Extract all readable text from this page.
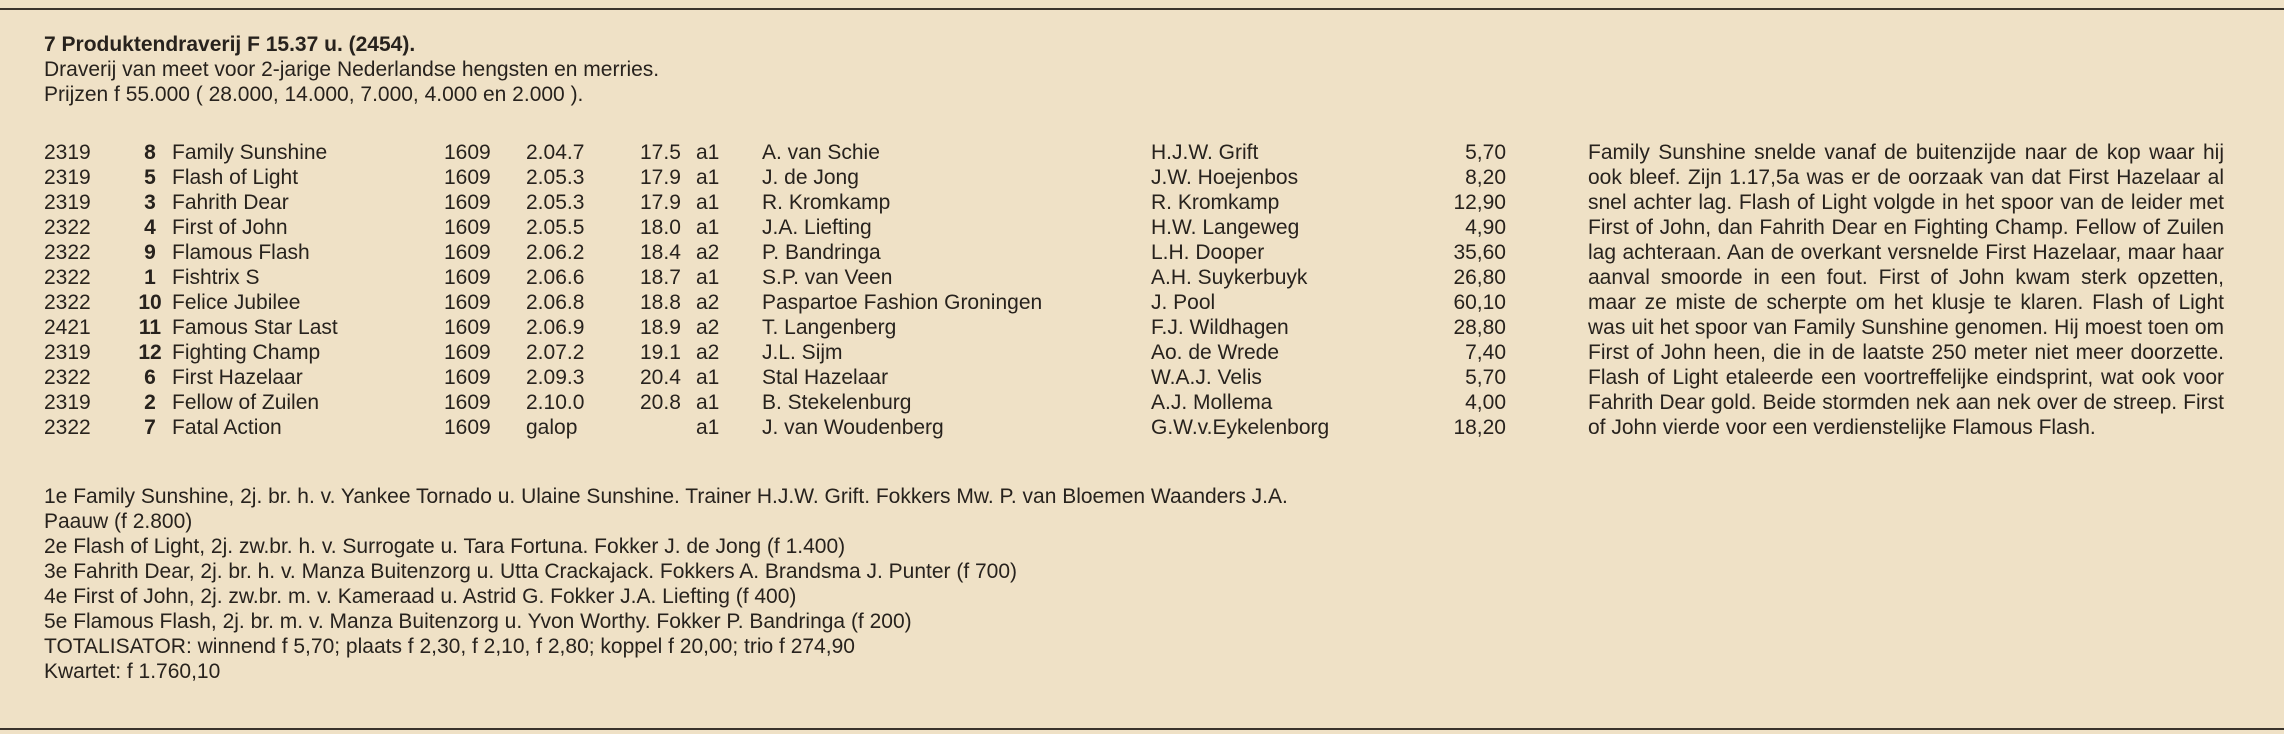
7 Produktendraverij F 15.37 u. (2454).
Draverij van meet voor 2-jarige Nederlandse hengsten en merries.
Prijzen f 55.000 ( 28.000, 14.000, 7.000, 4.000 en 2.000 ).
2319	8 Family Sunshine	1609 2.04.7	17.5 a1 A. van Schie	H.J.W. Grift	5,70
2319	5 Flash of Light	1609 2.05.3	17.9 a1 J. de Jong	J.W. Hoejenbos	8,20
2319	3 Fahrith Dear	1609 2.05.3	17.9 a1 R. Kromkamp	R. Kromkamp	12,90
2322	4 First of John	1609 2.05.5	18.0 a1 J.A. Liefting	H.W. Langeweg	4,90
2322	9 Flamous Flash	1609 2.06.2	18.4 a2 P. Bandringa	L.H. Dooper	35,60
2322	1 Fishtrix S	1609 2.06.6	18.7 a1 S.P. van Veen	A.H. Suykerbuyk	26,80
2322	10 Felice Jubilee	1609 2.06.8	18.8 a2 Paspartoe Fashion Groningen	J. Pool	60,10
2421	11 Famous Star Last	1609 2.06.9	18.9 a2 T. Langenberg	F.J. Wildhagen	28,80
2319	12 Fighting Champ	1609 2.07.2	19.1 a2 J.L. Sijm	Ao. de Wrede	7,40
2322	6 First Hazelaar	1609 2.09.3	20.4 a1 Stal Hazelaar	W.A.J. Velis	5,70
2319	2 Fellow of Zuilen	1609 2.10.0	20.8 a1 B. Stekelenburg	A.J. Mollema	4,00
2322	7 Fatal Action	1609 galop	a1 J. van Woudenberg	G.W.v.Eykelenborg	18,20
1e Family Sunshine, 2j. br. h. v. Yankee Tornado u. Ulaine Sunshine. Trainer H.J.W. Grift. Fokkers Mw. P. van Bloemen Waanders J.A.
Paauw (f 2.800)
2e Flash of Light, 2j. zw.br. h. v. Surrogate u. Tara Fortuna. Fokker J. de Jong (f 1.400)
3e Fahrith Dear, 2j. br. h. v. Manza Buitenzorg u. Utta Crackajack. Fokkers A. Brandsma J. Punter (f 700)
4e First of John, 2j. zw.br. m. v. Kameraad u. Astrid G. Fokker J.A. Liefting (f 400)
5e Flamous Flash, 2j. br. m. v. Manza Buitenzorg u. Yvon Worthy. Fokker P. Bandringa (f 200)
TOTALISATOR: winnend f 5,70; plaats f 2,30, f 2,10, f 2,80; koppel f 20,00; trio f 274,90
Kwartet: f 1.760,10
Family Sunshine snelde vanaf de buitenzijde naar de kop waar hij ook bleef. Zijn 1.17,5a was er de oorzaak van dat First Hazelaar al snel achter lag. Flash of Light volgde in het spoor van de leider met First of John, dan Fahrith Dear en Fighting Champ. Fellow of Zuilen lag achteraan. Aan de overkant versnelde First Hazelaar, maar haar aanval smoorde in een fout. First of John kwam sterk opzetten, maar ze miste de scherpte om het klusje te klaren. Flash of Light was uit het spoor van Family Sunshine genomen. Hij moest toen om First of John heen, die in de laatste 250 meter niet meer doorzette. Flash of Light etaleerde een voortreffelijke eindsprint, wat ook voor Fahrith Dear gold. Beide stormden nek aan nek over de streep. First of John vierde voor een verdienstelijke Flamous Flash.
